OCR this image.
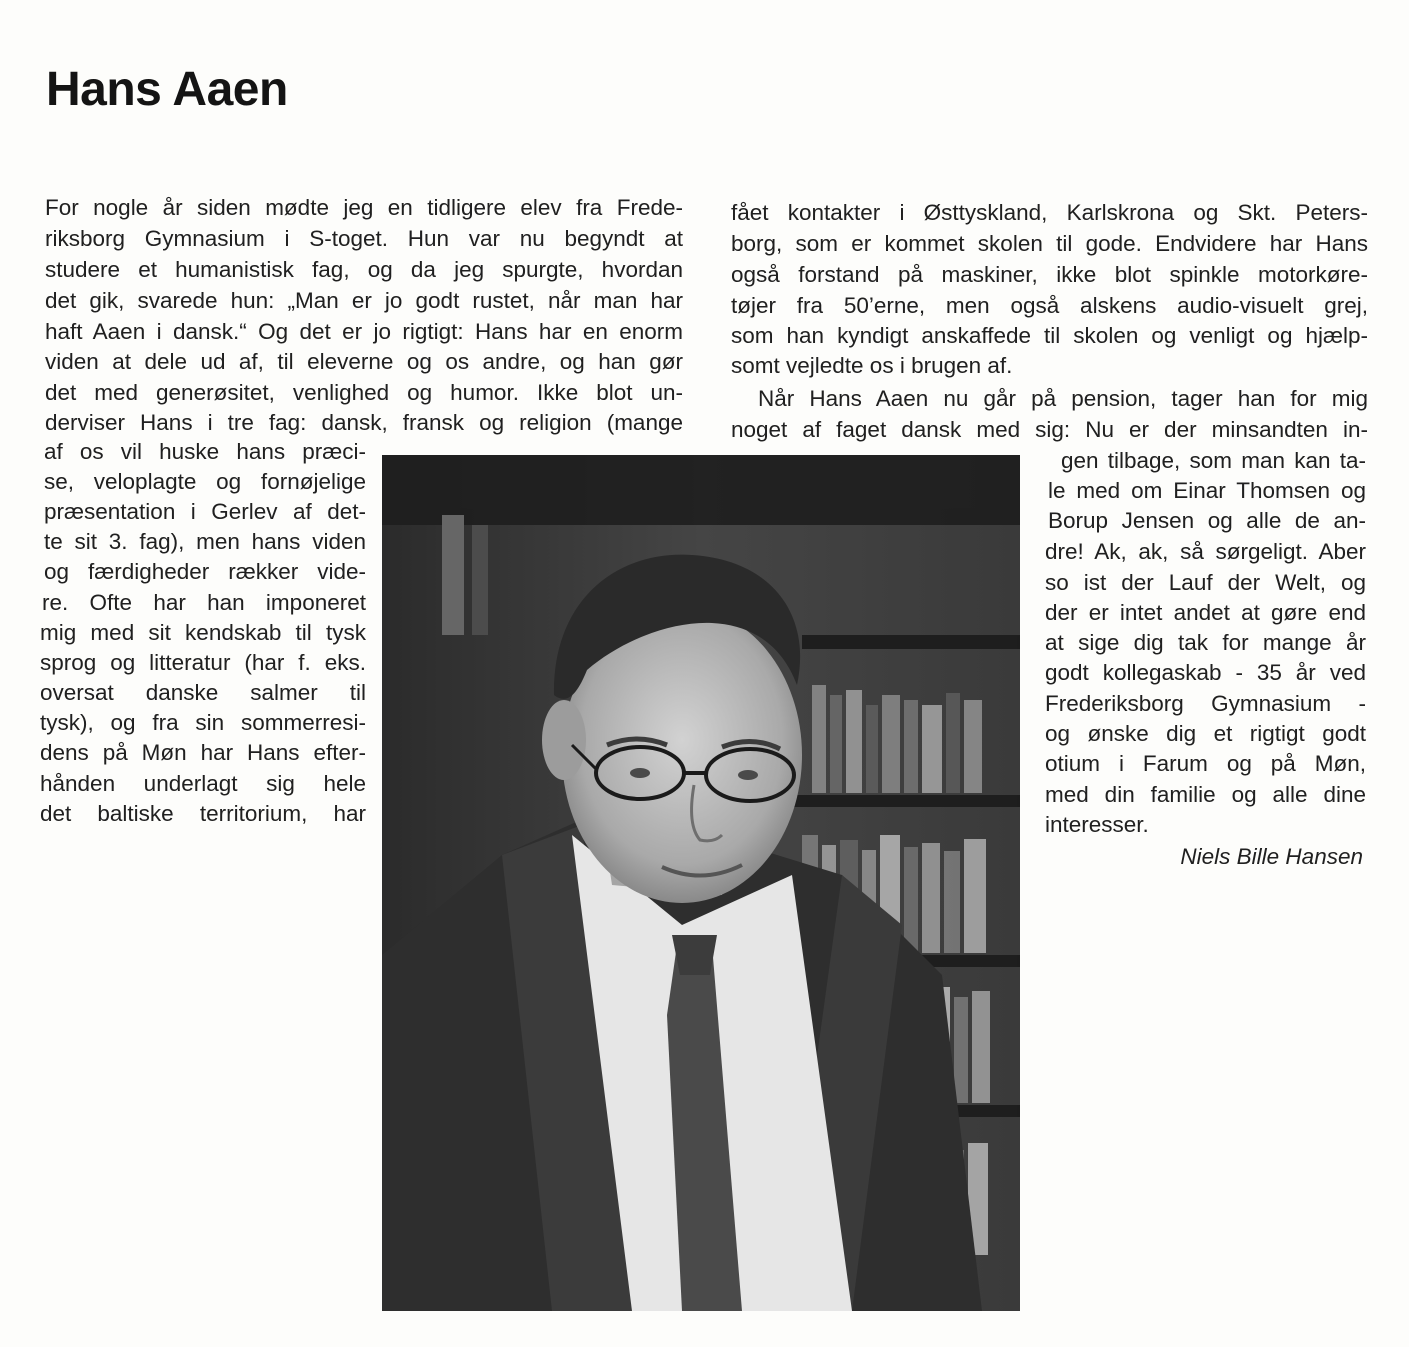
Hans Aaen
For nogle år siden mødte jeg en tidligere elev fra Frede-
riksborg Gymnasium i S-toget. Hun var nu begyndt at
studere et humanistisk fag, og da jeg spurgte, hvordan
det gik, svarede hun: „Man er jo godt rustet, når man har
haft Aaen i dansk.“ Og det er jo rigtigt: Hans har en enorm
viden at dele ud af, til eleverne og os andre, og han gør
det med generøsitet, venlighed og humor. Ikke blot un-
derviser Hans i tre fag: dansk, fransk og religion (mange
af os vil huske hans præci-
se, veloplagte og fornøjelige
præsentation i Gerlev af det-
te sit 3. fag), men hans viden
og færdigheder rækker vide-
re. Ofte har han imponeret
mig med sit kendskab til tysk
sprog og litteratur (har f. eks.
oversat danske salmer til
tysk), og fra sin sommerresi-
dens på Møn har Hans efter-
hånden underlagt sig hele
det baltiske territorium, har
fået kontakter i Østtyskland, Karlskrona og Skt. Peters-
borg, som er kommet skolen til gode. Endvidere har Hans
også forstand på maskiner, ikke blot spinkle motorkøre-
tøjer fra 50’erne, men også alskens audio-visuelt grej,
som han kyndigt anskaffede til skolen og venligt og hjælp-
somt vejledte os i brugen af.
Når Hans Aaen nu går på pension, tager han for mig
noget af faget dansk med sig: Nu er der minsandten in-
gen tilbage, som man kan ta-
le med om Einar Thomsen og
Borup Jensen og alle de an-
dre! Ak, ak, så sørgeligt. Aber
so ist der Lauf der Welt, og
der er intet andet at gøre end
at sige dig tak for mange år
godt kollegaskab - 35 år ved
Frederiksborg Gymnasium -
og ønske dig et rigtigt godt
otium i Farum og på Møn,
med din familie og alle dine
interesser.
Niels Bille Hansen
